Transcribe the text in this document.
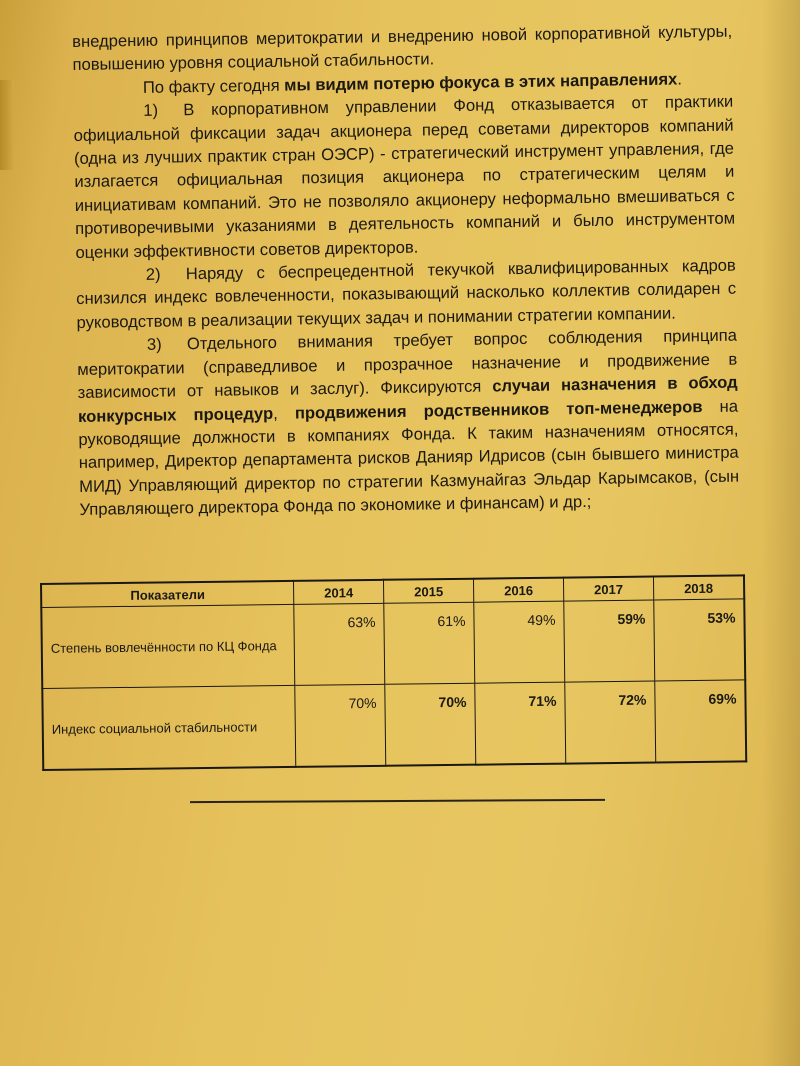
внедрению принципов меритократии и внедрению новой корпоративной культуры, повышению уровня социальной стабильности.

По факту сегодня мы видим потерю фокуса в этих направлениях.

1) В корпоративном управлении Фонд отказывается от практики официальной фиксации задач акционера перед советами директоров компаний (одна из лучших практик стран ОЭСР) - стратегический инструмент управления, где излагается официальная позиция акционера по стратегическим целям и инициативам компаний. Это не позволяло акционеру неформально вмешиваться с противоречивыми указаниями в деятельность компаний и было инструментом оценки эффективности советов директоров.

2) Наряду с беспрецедентной текучкой квалифицированных кадров снизился индекс вовлеченности, показывающий насколько коллектив солидарен с руководством в реализации текущих задач и понимании стратегии компании.

3) Отдельного внимания требует вопрос соблюдения принципа меритократии (справедливое и прозрачное назначение и продвижение в зависимости от навыков и заслуг). Фиксируются случаи назначения в обход конкурсных процедур, продвижения родственников топ-менеджеров на руководящие должности в компаниях Фонда. К таким назначениям относятся, например, Директор департамента рисков Данияр Идрисов (сын бывшего министра МИД) Управляющий директор по стратегии Казмунайгаз Эльдар Карымсаков, (сын Управляющего директора Фонда по экономике и финансам) и др.;

Показатели	2014	2015	2016	2017	2018
Степень вовлечённости по КЦ Фонда	63%	61%	49%	59%	53%
Индекс социальной стабильности	70%	70%	71%	72%	69%
